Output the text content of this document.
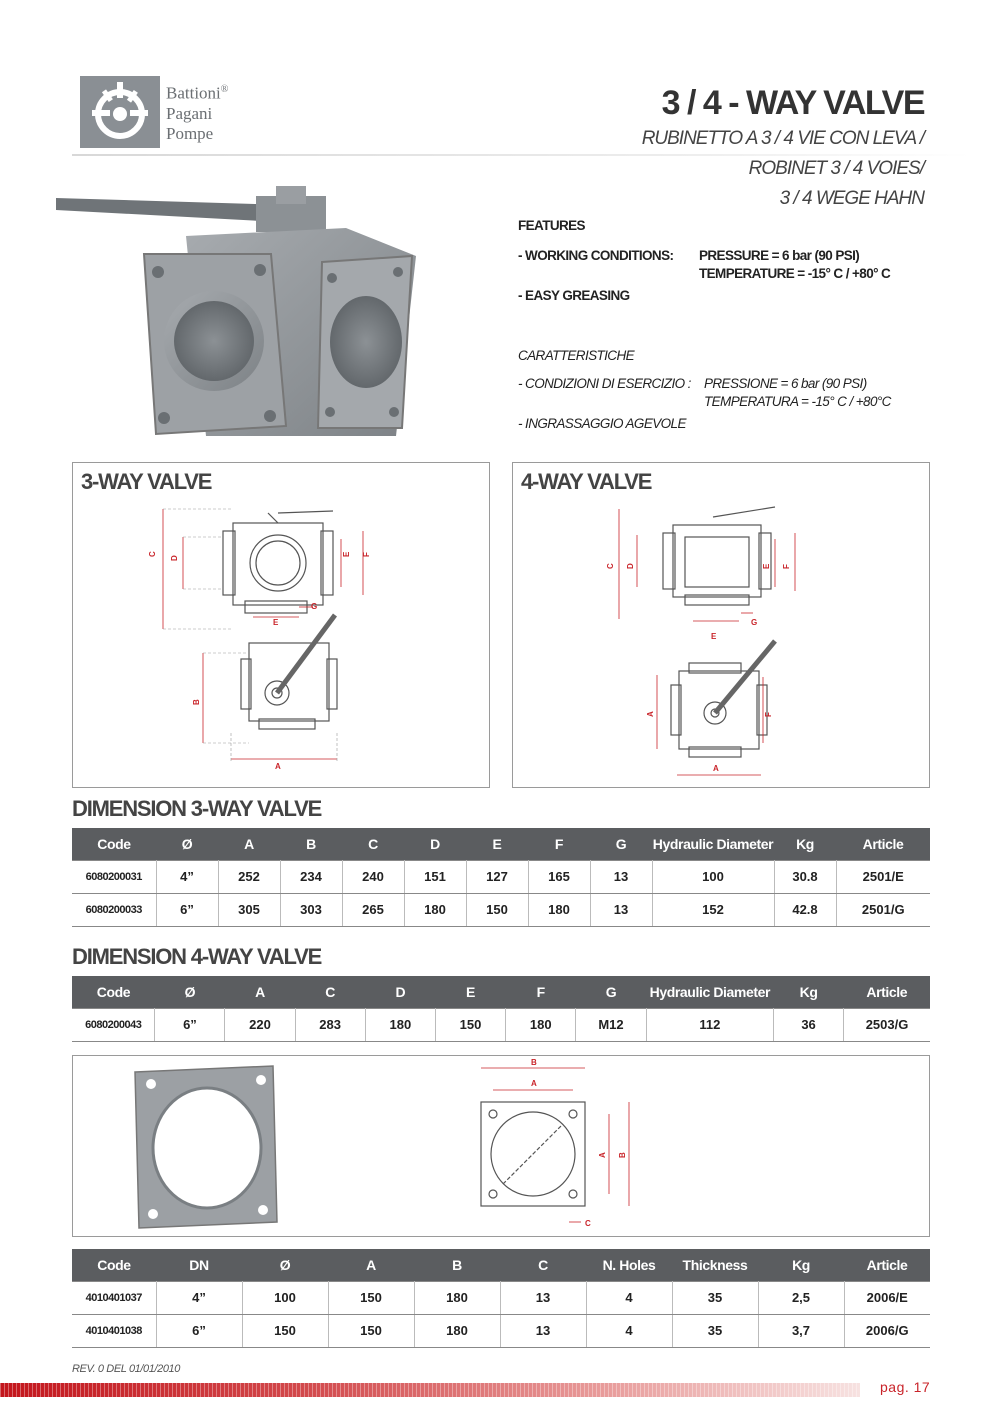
Battioni®
Pagani
Pompe
3 / 4 - WAY VALVE
RUBINETTO A 3 / 4 VIE CON LEVA /
ROBINET 3 / 4 VOIES/
3 / 4 WEGE HAHN
FEATURES
- WORKING CONDITIONS: PRESSURE = 6 bar (90 PSI)
TEMPERATURE = -15° C / +80° C
- EASY GREASING
CARATTERISTICHE
- CONDIZIONI DI ESERCIZIO : PRESSIONE = 6 bar (90 PSI)
TEMPERATURA = -15° C / +80°C
- INGRASSAGGIO AGEVOLE
3-WAY VALVE
C
D
E F
G
E
B
A
4-WAY VALVE
C D	E F
G
E
A	F
A
DIMENSION 3-WAY VALVE
Code	Ø	A	B	C	D	E	F	G	Hydraulic Diameter	Kg	Article
6080200031	4”	252	234	240	151	127	165	13	100	30.8	2501/E
6080200033	6”	305	303	265	180	150	180	13	152	42.8	2501/G
DIMENSION 4-WAY VALVE
Code	Ø	A	C	D	E	F	G	Hydraulic Diameter	Kg	Article
6080200043	6”	220	283	180	150	180	M12	112	36	2503/G
B
A
A B
C
Code	DN	Ø	A	B	C	N. Holes	Thickness	Kg	Article
4010401037	4”	100	150	180	13	4	35	2,5	2006/E
4010401038	6”	150	150	180	13	4	35	3,7	2006/G
REV. 0 DEL 01/01/2010
pag. 17
